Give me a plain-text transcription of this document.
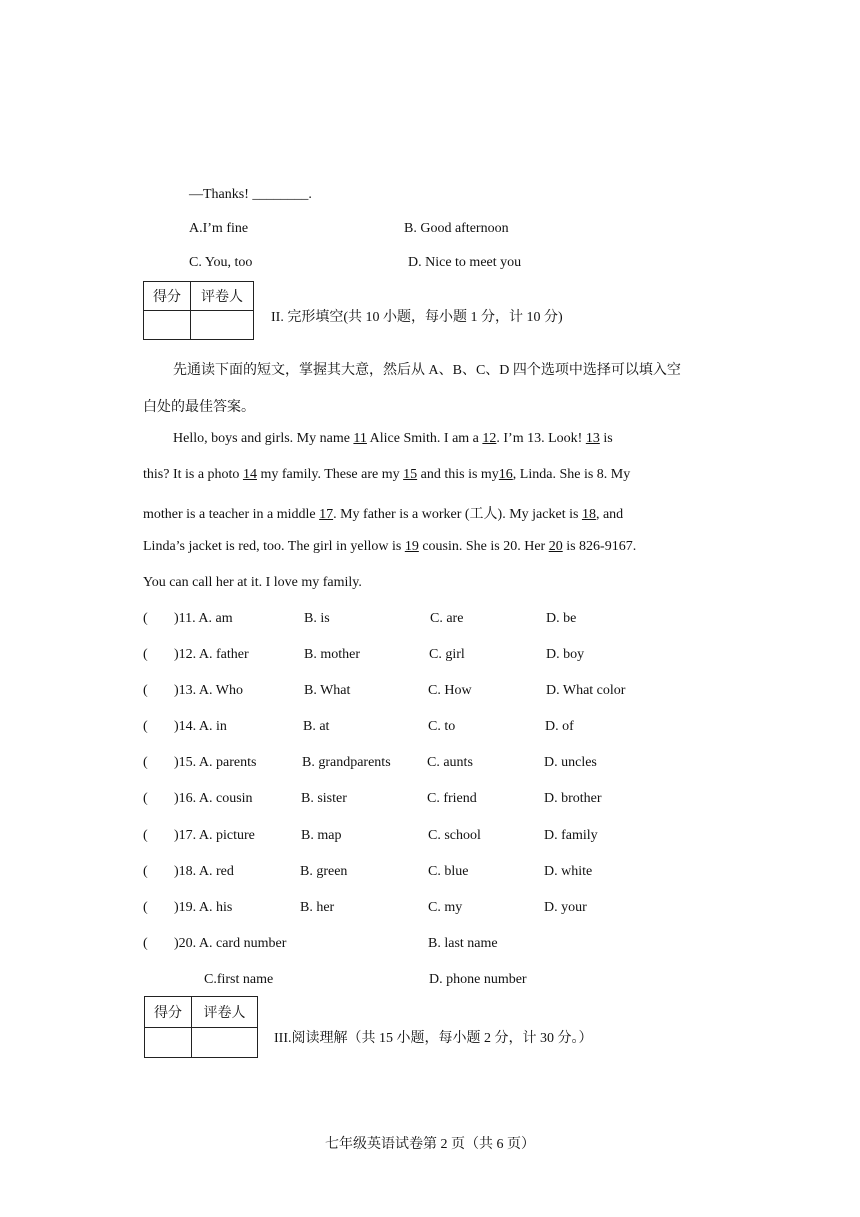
—Thanks! ________.
A.I’m fine	B. Good afternoon
C. You, too	D. Nice to meet you
得分	评卷人

II. 完形填空(共 10 小题，每小题 1 分，计 10 分)
先通读下面的短文，掌握其大意，然后从 A、B、C、D 四个选项中选择可以填入空
白处的最佳答案。
Hello, boys and girls. My name 11 Alice Smith. I am a 12. I’m 13. Look! 13 is
this? It is a photo 14 my family. These are my 15 and this is my16, Linda. She is 8. My
mother is a teacher in a middle 17. My father is a worker (工人). My jacket is 18, and
Linda’s jacket is red, too. The girl in yellow is 19 cousin. She is 20. Her 20 is 826-9167.
You can call her at it. I love my family.
( )11. A. am	B. is	C. are	D. be
( )12. A. father	B. mother	C. girl	D. boy
( )13. A. Who	B. What	C. How	D. What color
( )14. A. in	B. at	C. to	D. of
( )15. A. parents	B. grandparents	C. aunts	D. uncles
( )16. A. cousin	B. sister	C. friend	D. brother
( )17. A. picture	B. map	C. school	D. family
( )18. A. red	B. green	C. blue	D. white
( )19. A. his	B. her	C. my	D. your
( )20. A. card number	B. last name
C.first name	D. phone number
得分	评卷人

III.阅读理解（共 15 小题，每小题 2 分，计 30 分。）
七年级英语试卷第 2 页（共 6 页）
